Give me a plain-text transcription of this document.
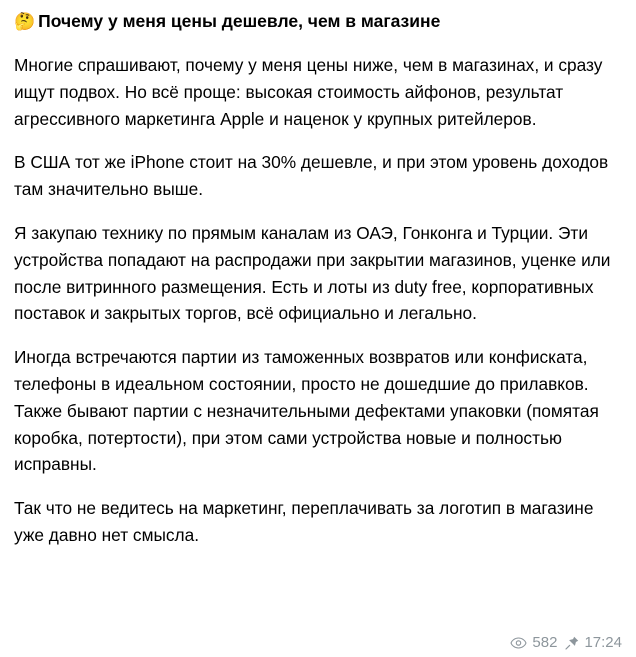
🤔 Почему у меня цены дешевле, чем в магазине

Многие спрашивают, почему у меня цены ниже, чем в магазинах, и сразу ищут подвох. Но всё проще: высокая стоимость айфонов, результат агрессивного маркетинга Apple и наценок у крупных ритейлеров.

В США тот же iPhone стоит на 30% дешевле, и при этом уровень доходов там значительно выше.

Я закупаю технику по прямым каналам из ОАЭ, Гонконга и Турции. Эти устройства попадают на распродажи при закрытии магазинов, уценке или после витринного размещения. Есть и лоты из duty free, корпоративных поставок и закрытых торгов, всё официально и легально.

Иногда встречаются партии из таможенных возвратов или конфиската, телефоны в идеальном состоянии, просто не дошедшие до прилавков. Также бывают партии с незначительными дефектами упаковки (помятая коробка, потертости), при этом сами устройства новые и полностью исправны.

Так что не ведитесь на маркетинг, переплачивать за логотип в магазине уже давно нет смысла.

582 17:24
